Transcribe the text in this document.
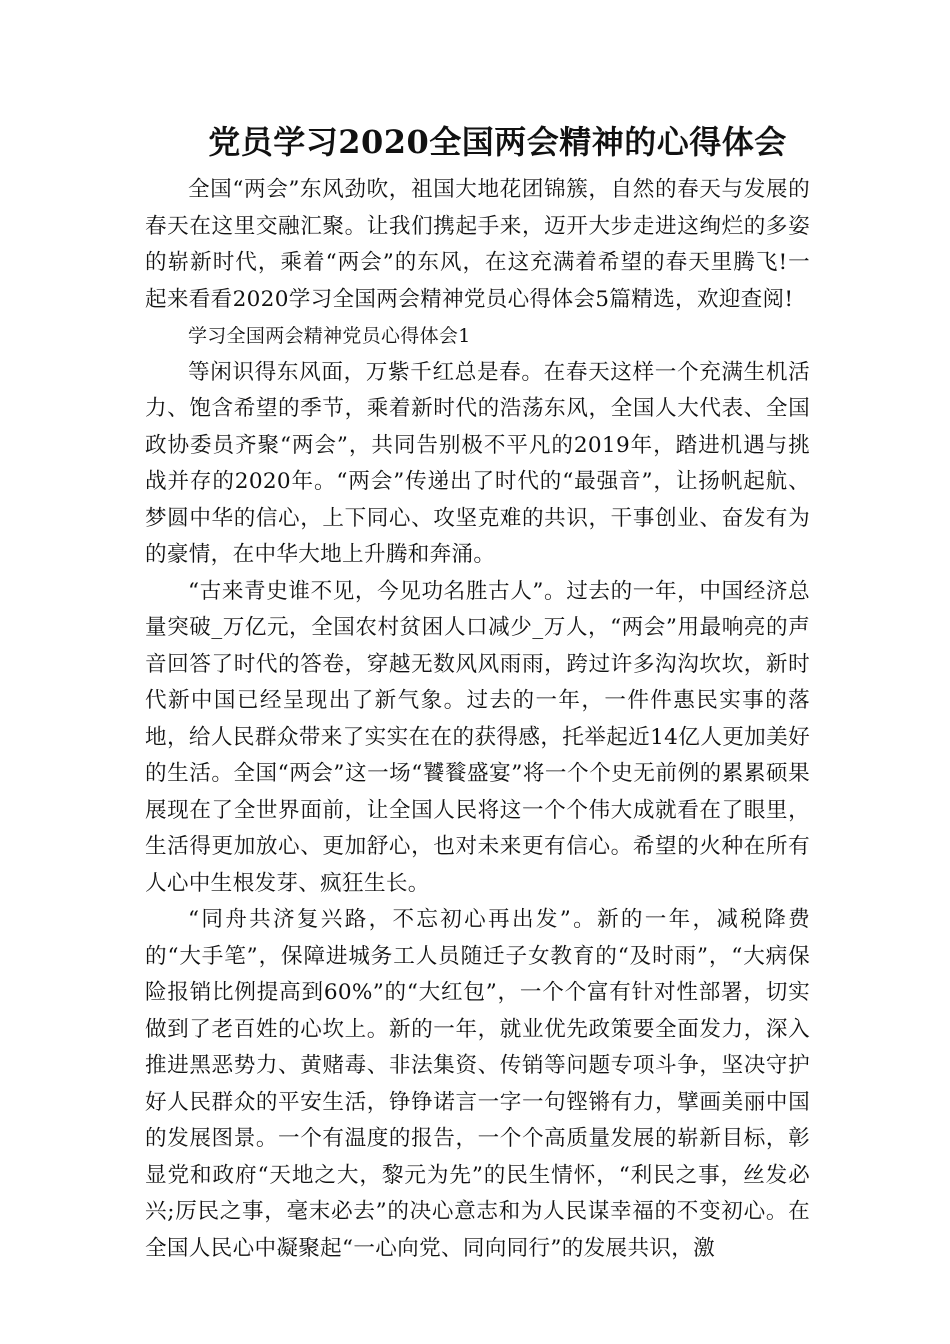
党员学习2020全国两会精神的心得体会

全国“两会”东风劲吹，祖国大地花团锦簇，自然的春天与发展的春天在这里交融汇聚。让我们携起手来，迈开大步走进这绚烂的多姿的崭新时代，乘着“两会”的东风，在这充满着希望的春天里腾飞!一起来看看2020学习全国两会精神党员心得体会5篇精选，欢迎查阅!

学习全国两会精神党员心得体会1

等闲识得东风面，万紫千红总是春。在春天这样一个充满生机活力、饱含希望的季节，乘着新时代的浩荡东风，全国人大代表、全国政协委员齐聚“两会”，共同告别极不平凡的2019年，踏进机遇与挑战并存的2020年。“两会”传递出了时代的“最强音”，让扬帆起航、梦圆中华的信心，上下同心、攻坚克难的共识，干事创业、奋发有为的豪情，在中华大地上升腾和奔涌。

“古来青史谁不见，今见功名胜古人”。过去的一年，中国经济总量突破_万亿元，全国农村贫困人口减少_万人，“两会”用最响亮的声音回答了时代的答卷，穿越无数风风雨雨，跨过许多沟沟坎坎，新时代新中国已经呈现出了新气象。过去的一年，一件件惠民实事的落地，给人民群众带来了实实在在的获得感，托举起近14亿人更加美好的生活。全国“两会”这一场“饕餮盛宴”将一个个史无前例的累累硕果展现在了全世界面前，让全国人民将这一个个伟大成就看在了眼里，生活得更加放心、更加舒心，也对未来更有信心。希望的火种在所有人心中生根发芽、疯狂生长。

“同舟共济复兴路，不忘初心再出发”。新的一年，减税降费的“大手笔”，保障进城务工人员随迁子女教育的“及时雨”，“大病保险报销比例提高到60%”的“大红包”，一个个富有针对性部署，切实做到了老百姓的心坎上。新的一年，就业优先政策要全面发力，深入推进黑恶势力、黄赌毒、非法集资、传销等问题专项斗争，坚决守护好人民群众的平安生活，铮铮诺言一字一句铿锵有力，擘画美丽中国的发展图景。一个有温度的报告，一个个高质量发展的崭新目标，彰显党和政府“天地之大，黎元为先”的民生情怀，“利民之事，丝发必兴;厉民之事，毫末必去”的决心意志和为人民谋幸福的不变初心。在全国人民心中凝聚起“一心向党、同向同行”的发展共识，激
